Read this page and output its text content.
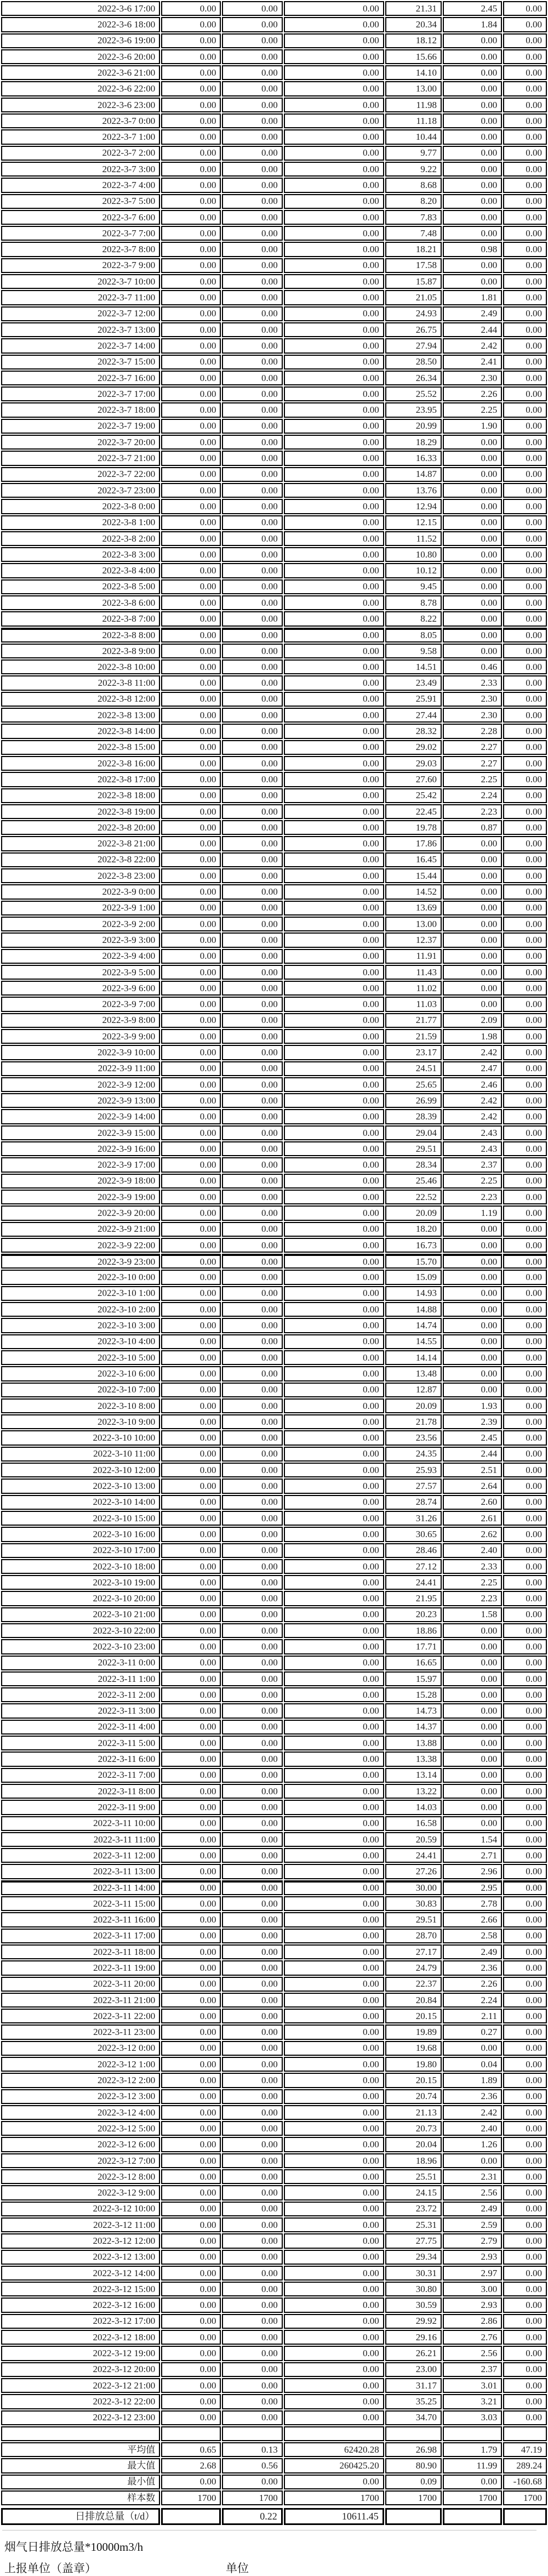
2022-3-6 17:00	0.00	0.00	0.00	21.31	2.45	0.00
2022-3-6 18:00	0.00	0.00	0.00	20.34	1.84	0.00
2022-3-6 19:00	0.00	0.00	0.00	18.12	0.00	0.00
2022-3-6 20:00	0.00	0.00	0.00	15.66	0.00	0.00
2022-3-6 21:00	0.00	0.00	0.00	14.10	0.00	0.00
2022-3-6 22:00	0.00	0.00	0.00	13.00	0.00	0.00
2022-3-6 23:00	0.00	0.00	0.00	11.98	0.00	0.00
2022-3-7 0:00	0.00	0.00	0.00	11.18	0.00	0.00
2022-3-7 1:00	0.00	0.00	0.00	10.44	0.00	0.00
2022-3-7 2:00	0.00	0.00	0.00	9.77	0.00	0.00
2022-3-7 3:00	0.00	0.00	0.00	9.22	0.00	0.00
2022-3-7 4:00	0.00	0.00	0.00	8.68	0.00	0.00
2022-3-7 5:00	0.00	0.00	0.00	8.20	0.00	0.00
2022-3-7 6:00	0.00	0.00	0.00	7.83	0.00	0.00
2022-3-7 7:00	0.00	0.00	0.00	7.48	0.00	0.00
2022-3-7 8:00	0.00	0.00	0.00	18.21	0.98	0.00
2022-3-7 9:00	0.00	0.00	0.00	17.58	0.00	0.00
2022-3-7 10:00	0.00	0.00	0.00	15.87	0.00	0.00
2022-3-7 11:00	0.00	0.00	0.00	21.05	1.81	0.00
2022-3-7 12:00	0.00	0.00	0.00	24.93	2.49	0.00
2022-3-7 13:00	0.00	0.00	0.00	26.75	2.44	0.00
2022-3-7 14:00	0.00	0.00	0.00	27.94	2.42	0.00
2022-3-7 15:00	0.00	0.00	0.00	28.50	2.41	0.00
2022-3-7 16:00	0.00	0.00	0.00	26.34	2.30	0.00
2022-3-7 17:00	0.00	0.00	0.00	25.52	2.26	0.00
2022-3-7 18:00	0.00	0.00	0.00	23.95	2.25	0.00
2022-3-7 19:00	0.00	0.00	0.00	20.99	1.90	0.00
2022-3-7 20:00	0.00	0.00	0.00	18.29	0.00	0.00
2022-3-7 21:00	0.00	0.00	0.00	16.33	0.00	0.00
2022-3-7 22:00	0.00	0.00	0.00	14.87	0.00	0.00
2022-3-7 23:00	0.00	0.00	0.00	13.76	0.00	0.00
2022-3-8 0:00	0.00	0.00	0.00	12.94	0.00	0.00
2022-3-8 1:00	0.00	0.00	0.00	12.15	0.00	0.00
2022-3-8 2:00	0.00	0.00	0.00	11.52	0.00	0.00
2022-3-8 3:00	0.00	0.00	0.00	10.80	0.00	0.00
2022-3-8 4:00	0.00	0.00	0.00	10.12	0.00	0.00
2022-3-8 5:00	0.00	0.00	0.00	9.45	0.00	0.00
2022-3-8 6:00	0.00	0.00	0.00	8.78	0.00	0.00
2022-3-8 7:00	0.00	0.00	0.00	8.22	0.00	0.00
2022-3-8 8:00	0.00	0.00	0.00	8.05	0.00	0.00
2022-3-8 9:00	0.00	0.00	0.00	9.58	0.00	0.00
2022-3-8 10:00	0.00	0.00	0.00	14.51	0.46	0.00
2022-3-8 11:00	0.00	0.00	0.00	23.49	2.33	0.00
2022-3-8 12:00	0.00	0.00	0.00	25.91	2.30	0.00
2022-3-8 13:00	0.00	0.00	0.00	27.44	2.30	0.00
2022-3-8 14:00	0.00	0.00	0.00	28.32	2.28	0.00
2022-3-8 15:00	0.00	0.00	0.00	29.02	2.27	0.00
2022-3-8 16:00	0.00	0.00	0.00	29.03	2.27	0.00
2022-3-8 17:00	0.00	0.00	0.00	27.60	2.25	0.00
2022-3-8 18:00	0.00	0.00	0.00	25.42	2.24	0.00
2022-3-8 19:00	0.00	0.00	0.00	22.45	2.23	0.00
2022-3-8 20:00	0.00	0.00	0.00	19.78	0.87	0.00
2022-3-8 21:00	0.00	0.00	0.00	17.86	0.00	0.00
2022-3-8 22:00	0.00	0.00	0.00	16.45	0.00	0.00
2022-3-8 23:00	0.00	0.00	0.00	15.44	0.00	0.00
2022-3-9 0:00	0.00	0.00	0.00	14.52	0.00	0.00
2022-3-9 1:00	0.00	0.00	0.00	13.69	0.00	0.00
2022-3-9 2:00	0.00	0.00	0.00	13.00	0.00	0.00
2022-3-9 3:00	0.00	0.00	0.00	12.37	0.00	0.00
2022-3-9 4:00	0.00	0.00	0.00	11.91	0.00	0.00
2022-3-9 5:00	0.00	0.00	0.00	11.43	0.00	0.00
2022-3-9 6:00	0.00	0.00	0.00	11.02	0.00	0.00
2022-3-9 7:00	0.00	0.00	0.00	11.03	0.00	0.00
2022-3-9 8:00	0.00	0.00	0.00	21.77	2.09	0.00
2022-3-9 9:00	0.00	0.00	0.00	21.59	1.98	0.00
2022-3-9 10:00	0.00	0.00	0.00	23.17	2.42	0.00
2022-3-9 11:00	0.00	0.00	0.00	24.51	2.47	0.00
2022-3-9 12:00	0.00	0.00	0.00	25.65	2.46	0.00
2022-3-9 13:00	0.00	0.00	0.00	26.99	2.42	0.00
2022-3-9 14:00	0.00	0.00	0.00	28.39	2.42	0.00
2022-3-9 15:00	0.00	0.00	0.00	29.04	2.43	0.00
2022-3-9 16:00	0.00	0.00	0.00	29.51	2.43	0.00
2022-3-9 17:00	0.00	0.00	0.00	28.34	2.37	0.00
2022-3-9 18:00	0.00	0.00	0.00	25.46	2.25	0.00
2022-3-9 19:00	0.00	0.00	0.00	22.52	2.23	0.00
2022-3-9 20:00	0.00	0.00	0.00	20.09	1.19	0.00
2022-3-9 21:00	0.00	0.00	0.00	18.20	0.00	0.00
2022-3-9 22:00	0.00	0.00	0.00	16.73	0.00	0.00
2022-3-9 23:00	0.00	0.00	0.00	15.70	0.00	0.00
2022-3-10 0:00	0.00	0.00	0.00	15.09	0.00	0.00
2022-3-10 1:00	0.00	0.00	0.00	14.93	0.00	0.00
2022-3-10 2:00	0.00	0.00	0.00	14.88	0.00	0.00
2022-3-10 3:00	0.00	0.00	0.00	14.74	0.00	0.00
2022-3-10 4:00	0.00	0.00	0.00	14.55	0.00	0.00
2022-3-10 5:00	0.00	0.00	0.00	14.14	0.00	0.00
2022-3-10 6:00	0.00	0.00	0.00	13.48	0.00	0.00
2022-3-10 7:00	0.00	0.00	0.00	12.87	0.00	0.00
2022-3-10 8:00	0.00	0.00	0.00	20.09	1.93	0.00
2022-3-10 9:00	0.00	0.00	0.00	21.78	2.39	0.00
2022-3-10 10:00	0.00	0.00	0.00	23.56	2.45	0.00
2022-3-10 11:00	0.00	0.00	0.00	24.35	2.44	0.00
2022-3-10 12:00	0.00	0.00	0.00	25.93	2.51	0.00
2022-3-10 13:00	0.00	0.00	0.00	27.57	2.64	0.00
2022-3-10 14:00	0.00	0.00	0.00	28.74	2.60	0.00
2022-3-10 15:00	0.00	0.00	0.00	31.26	2.61	0.00
2022-3-10 16:00	0.00	0.00	0.00	30.65	2.62	0.00
2022-3-10 17:00	0.00	0.00	0.00	28.46	2.40	0.00
2022-3-10 18:00	0.00	0.00	0.00	27.12	2.33	0.00
2022-3-10 19:00	0.00	0.00	0.00	24.41	2.25	0.00
2022-3-10 20:00	0.00	0.00	0.00	21.95	2.23	0.00
2022-3-10 21:00	0.00	0.00	0.00	20.23	1.58	0.00
2022-3-10 22:00	0.00	0.00	0.00	18.86	0.00	0.00
2022-3-10 23:00	0.00	0.00	0.00	17.71	0.00	0.00
2022-3-11 0:00	0.00	0.00	0.00	16.65	0.00	0.00
2022-3-11 1:00	0.00	0.00	0.00	15.97	0.00	0.00
2022-3-11 2:00	0.00	0.00	0.00	15.28	0.00	0.00
2022-3-11 3:00	0.00	0.00	0.00	14.73	0.00	0.00
2022-3-11 4:00	0.00	0.00	0.00	14.37	0.00	0.00
2022-3-11 5:00	0.00	0.00	0.00	13.88	0.00	0.00
2022-3-11 6:00	0.00	0.00	0.00	13.38	0.00	0.00
2022-3-11 7:00	0.00	0.00	0.00	13.14	0.00	0.00
2022-3-11 8:00	0.00	0.00	0.00	13.22	0.00	0.00
2022-3-11 9:00	0.00	0.00	0.00	14.03	0.00	0.00
2022-3-11 10:00	0.00	0.00	0.00	16.58	0.00	0.00
2022-3-11 11:00	0.00	0.00	0.00	20.59	1.54	0.00
2022-3-11 12:00	0.00	0.00	0.00	24.41	2.71	0.00
2022-3-11 13:00	0.00	0.00	0.00	27.26	2.96	0.00
2022-3-11 14:00	0.00	0.00	0.00	30.00	2.95	0.00
2022-3-11 15:00	0.00	0.00	0.00	30.83	2.78	0.00
2022-3-11 16:00	0.00	0.00	0.00	29.51	2.66	0.00
2022-3-11 17:00	0.00	0.00	0.00	28.70	2.58	0.00
2022-3-11 18:00	0.00	0.00	0.00	27.17	2.49	0.00
2022-3-11 19:00	0.00	0.00	0.00	24.79	2.36	0.00
2022-3-11 20:00	0.00	0.00	0.00	22.37	2.26	0.00
2022-3-11 21:00	0.00	0.00	0.00	20.84	2.24	0.00
2022-3-11 22:00	0.00	0.00	0.00	20.15	2.11	0.00
2022-3-11 23:00	0.00	0.00	0.00	19.89	0.27	0.00
2022-3-12 0:00	0.00	0.00	0.00	19.68	0.00	0.00
2022-3-12 1:00	0.00	0.00	0.00	19.80	0.04	0.00
2022-3-12 2:00	0.00	0.00	0.00	20.15	1.89	0.00
2022-3-12 3:00	0.00	0.00	0.00	20.74	2.36	0.00
2022-3-12 4:00	0.00	0.00	0.00	21.13	2.42	0.00
2022-3-12 5:00	0.00	0.00	0.00	20.73	2.40	0.00
2022-3-12 6:00	0.00	0.00	0.00	20.04	1.26	0.00
2022-3-12 7:00	0.00	0.00	0.00	18.96	0.00	0.00
2022-3-12 8:00	0.00	0.00	0.00	25.51	2.31	0.00
2022-3-12 9:00	0.00	0.00	0.00	24.15	2.56	0.00
2022-3-12 10:00	0.00	0.00	0.00	23.72	2.49	0.00
2022-3-12 11:00	0.00	0.00	0.00	25.31	2.59	0.00
2022-3-12 12:00	0.00	0.00	0.00	27.75	2.79	0.00
2022-3-12 13:00	0.00	0.00	0.00	29.34	2.93	0.00
2022-3-12 14:00	0.00	0.00	0.00	30.31	2.97	0.00
2022-3-12 15:00	0.00	0.00	0.00	30.80	3.00	0.00
2022-3-12 16:00	0.00	0.00	0.00	30.59	2.93	0.00
2022-3-12 17:00	0.00	0.00	0.00	29.92	2.86	0.00
2022-3-12 18:00	0.00	0.00	0.00	29.16	2.76	0.00
2022-3-12 19:00	0.00	0.00	0.00	26.21	2.56	0.00
2022-3-12 20:00	0.00	0.00	0.00	23.00	2.37	0.00
2022-3-12 21:00	0.00	0.00	0.00	31.17	3.01	0.00
2022-3-12 22:00	0.00	0.00	0.00	35.25	3.21	0.00
2022-3-12 23:00	0.00	0.00	0.00	34.70	3.03	0.00

平均值	0.65	0.13	62420.28	26.98	1.79	47.19
最大值	2.68	0.56	260425.20	80.90	11.99	289.24
最小值	0.00	0.00	0.00	0.09	0.00	-160.68
样本数	1700	1700	1700	1700	1700	1700
日排放总量（t/d）		0.22	10611.45			
烟气日排放总量*10000m3/h
上报单位（盖章）	单位
